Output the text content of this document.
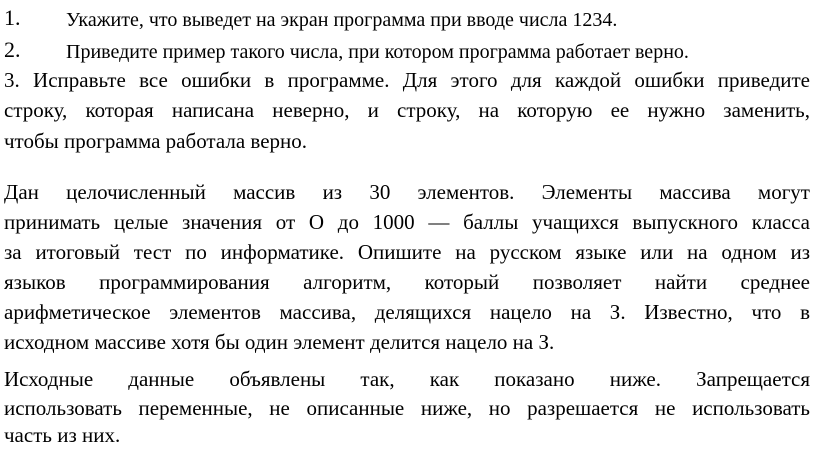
1. Укажите, что выведет на экран программа при вводе числа 1234.
2. Приведите пример такого числа, при котором программа работает верно.
3. Исправьте все ошибки в программе. Для этого для каждой ошибки приведите
строку, которая написана неверно, и строку, на которую ее нужно заменить,
чтобы программа работала верно.
Дан целочисленный массив из 30 элементов. Элементы массива могут
принимать целые значения от О до 1000 — баллы учащихся выпускного класса
за итоговый тест по информатике. Опишите на русском языке или на одном из
языков программирования алгоритм, который позволяет найти среднее
арифметическое элементов массива, делящихся нацело на З. Известно, что в
исходном массиве хотя бы один элемент делится нацело на З.
Исходные данные объявлены так, как показано ниже. Запрещается
использовать переменные, не описанные ниже, но разрешается не использовать
часть из них.
